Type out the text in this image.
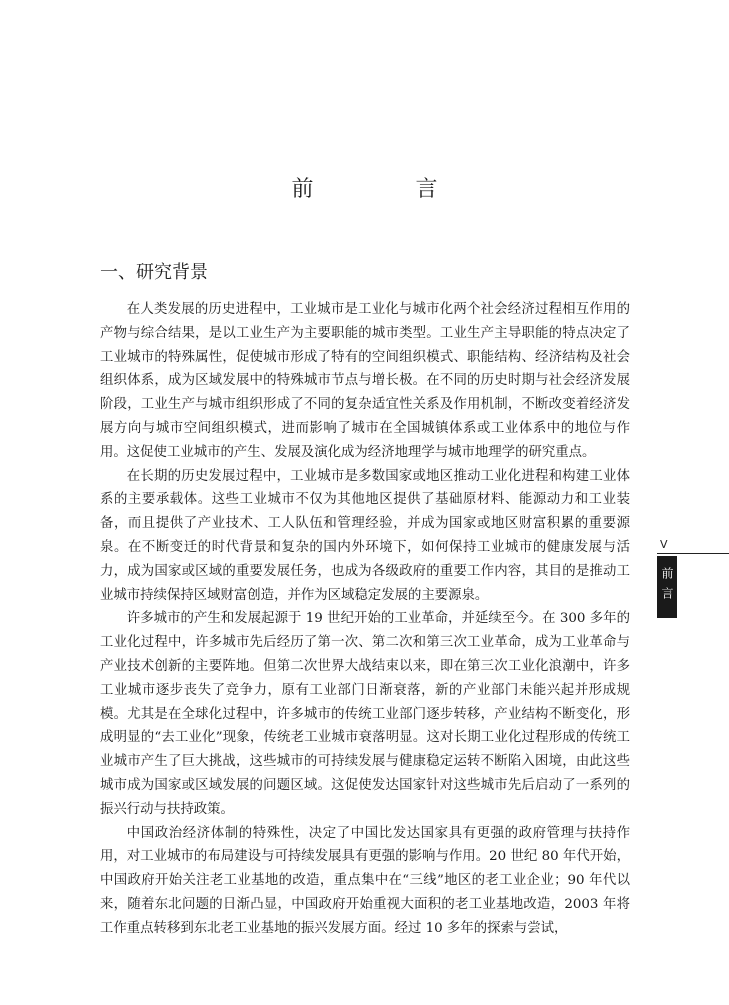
前　言
一、研究背景

在人类发展的历史进程中，工业城市是工业化与城市化两个社会经济过程相互作用的产物与综合结果，是以工业生产为主要职能的城市类型。工业生产主导职能的特点决定了工业城市的特殊属性，促使城市形成了特有的空间组织模式、职能结构、经济结构及社会组织体系，成为区域发展中的特殊城市节点与增长极。在不同的历史时期与社会经济发展阶段，工业生产与城市组织形成了不同的复杂适宜性关系及作用机制，不断改变着经济发展方向与城市空间组织模式，进而影响了城市在全国城镇体系或工业体系中的地位与作用。这促使工业城市的产生、发展及演化成为经济地理学与城市地理学的研究重点。

在长期的历史发展过程中，工业城市是多数国家或地区推动工业化进程和构建工业体系的主要承载体。这些工业城市不仅为其他地区提供了基础原材料、能源动力和工业装备，而且提供了产业技术、工人队伍和管理经验，并成为国家或地区财富积累的重要源泉。在不断变迁的时代背景和复杂的国内外环境下，如何保持工业城市的健康发展与活力，成为国家或区域的重要发展任务，也成为各级政府的重要工作内容，其目的是推动工业城市持续保持区域财富创造，并作为区域稳定发展的主要源泉。

许多城市的产生和发展起源于 19 世纪开始的工业革命，并延续至今。在 300 多年的工业化过程中，许多城市先后经历了第一次、第二次和第三次工业革命，成为工业革命与产业技术创新的主要阵地。但第二次世界大战结束以来，即在第三次工业化浪潮中，许多工业城市逐步丧失了竞争力，原有工业部门日渐衰落，新的产业部门未能兴起并形成规模。尤其是在全球化过程中，许多城市的传统工业部门逐步转移，产业结构不断变化，形成明显的“去工业化”现象，传统老工业城市衰落明显。这对长期工业化过程形成的传统工业城市产生了巨大挑战，这些城市的可持续发展与健康稳定运转不断陷入困境，由此这些城市成为国家或区域发展的问题区域。这促使发达国家针对这些城市先后启动了一系列的振兴行动与扶持政策。

中国政治经济体制的特殊性，决定了中国比发达国家具有更强的政府管理与扶持作用，对工业城市的布局建设与可持续发展具有更强的影响与作用。20 世纪 80 年代开始，中国政府开始关注老工业基地的改造，重点集中在“三线”地区的老工业企业；90 年代以来，随着东北问题的日渐凸显，中国政府开始重视大面积的老工业基地改造，2003 年将工作重点转移到东北老工业基地的振兴发展方面。经过 10 多年的探索与尝试，

V
前言
